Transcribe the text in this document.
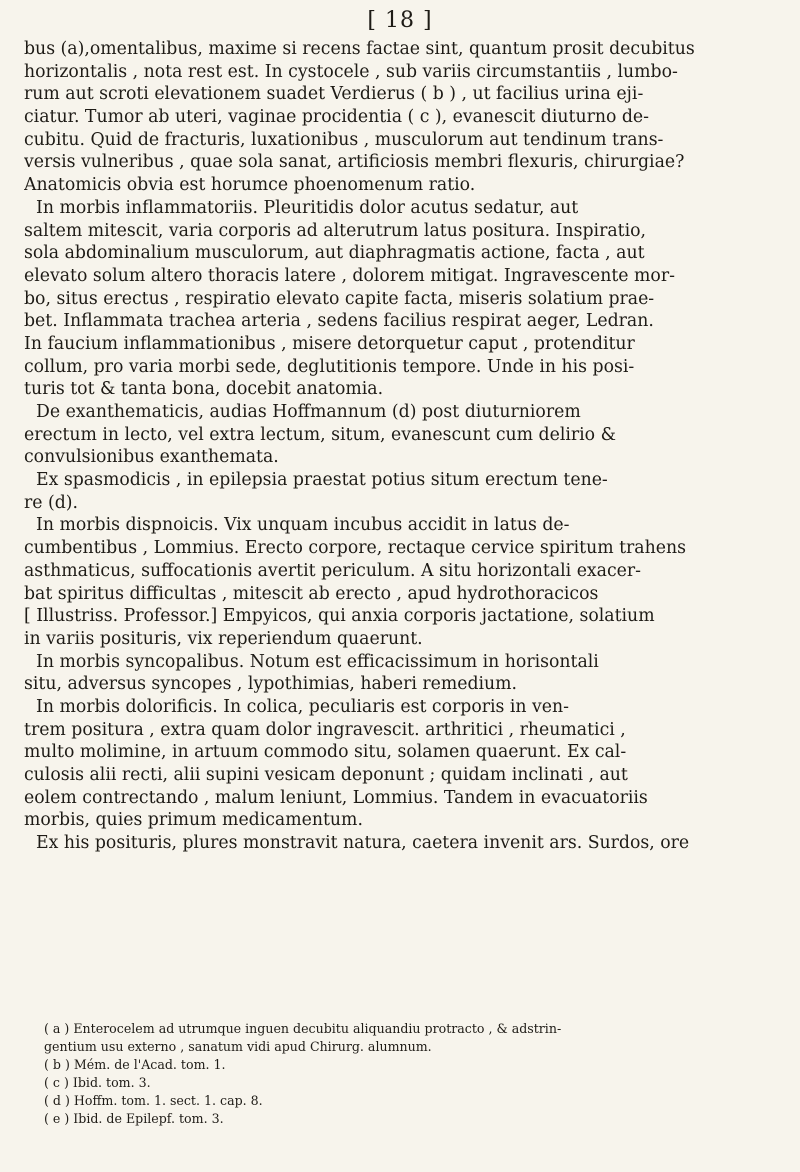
[ 18 ]
bus (a),omentalibus, maxime si recens factae sint, quantum prosit decubitus
horizontalis , nota rest est. In cystocele , sub variis circumstantiis , lumbo-
rum aut scroti elevationem suadet Verdierus ( b ) , ut facilius urina eji-
ciatur. Tumor ab uteri, vaginae procidentia ( c ), evanescit diuturno de-
cubitu. Quid de fracturis, luxationibus , musculorum aut tendinum trans-
versis vulneribus , quae sola sanat, artificiosis membri flexuris, chirurgiae?
Anatomicis obvia est horumce phoenomenum ratio.
In morbis inflammatoriis. Pleuritidis dolor acutus sedatur, aut
saltem mitescit, varia corporis ad alterutrum latus positura. Inspiratio,
sola abdominalium musculorum, aut diaphragmatis actione, facta , aut
elevato solum altero thoracis latere , dolorem mitigat. Ingravescente mor-
bo, situs erectus , respiratio elevato capite facta, miseris solatium prae-
bet. Inflammata trachea arteria , sedens facilius respirat aeger, Ledran.
In faucium inflammationibus , misere detorquetur caput , protenditur
collum, pro varia morbi sede, deglutitionis tempore. Unde in his posi-
turis tot & tanta bona, docebit anatomia.
De exanthematicis, audias Hoffmannum (d) post diuturniorem
erectum in lecto, vel extra lectum, situm, evanescunt cum delirio &
convulsionibus exanthemata.
Ex spasmodicis , in epilepsia praestat potius situm erectum tene-
re (d).
In morbis dispnoicis. Vix unquam incubus accidit in latus de-
cumbentibus , Lommius. Erecto corpore, rectaque cervice spiritum trahens
asthmaticus, suffocationis avertit periculum. A situ horizontali exacer-
bat spiritus difficultas , mitescit ab erecto , apud hydrothoracicos
[ Illustriss. Professor.] Empyicos, qui anxia corporis jactatione, solatium
in variis posituris, vix reperiendum quaerunt.
In morbis syncopalibus. Notum est efficacissimum in horisontali
situ, adversus syncopes , lypothimias, haberi remedium.
In morbis dolorificis. In colica, peculiaris est corporis in ven-
trem positura , extra quam dolor ingravescit. arthritici , rheumatici ,
multo molimine, in artuum commodo situ, solamen quaerunt. Ex cal-
culosis alii recti, alii supini vesicam deponunt ; quidam inclinati , aut
eolem contrectando , malum leniunt, Lommius. Tandem in evacuatoriis
morbis, quies primum medicamentum.
Ex his posituris, plures monstravit natura, caetera invenit ars. Surdos, ore
( a ) Enterocelem ad utrumque inguen decubitu aliquandiu protracto , & adstrin-
gentium usu externo , sanatum vidi apud Chirurg. alumnum.
( b ) Mém. de l'Acad. tom. 1.
( c ) Ibid. tom. 3.
( d ) Hoffm. tom. 1. sect. 1. cap. 8.
( e ) Ibid. de Epilepf. tom. 3.
